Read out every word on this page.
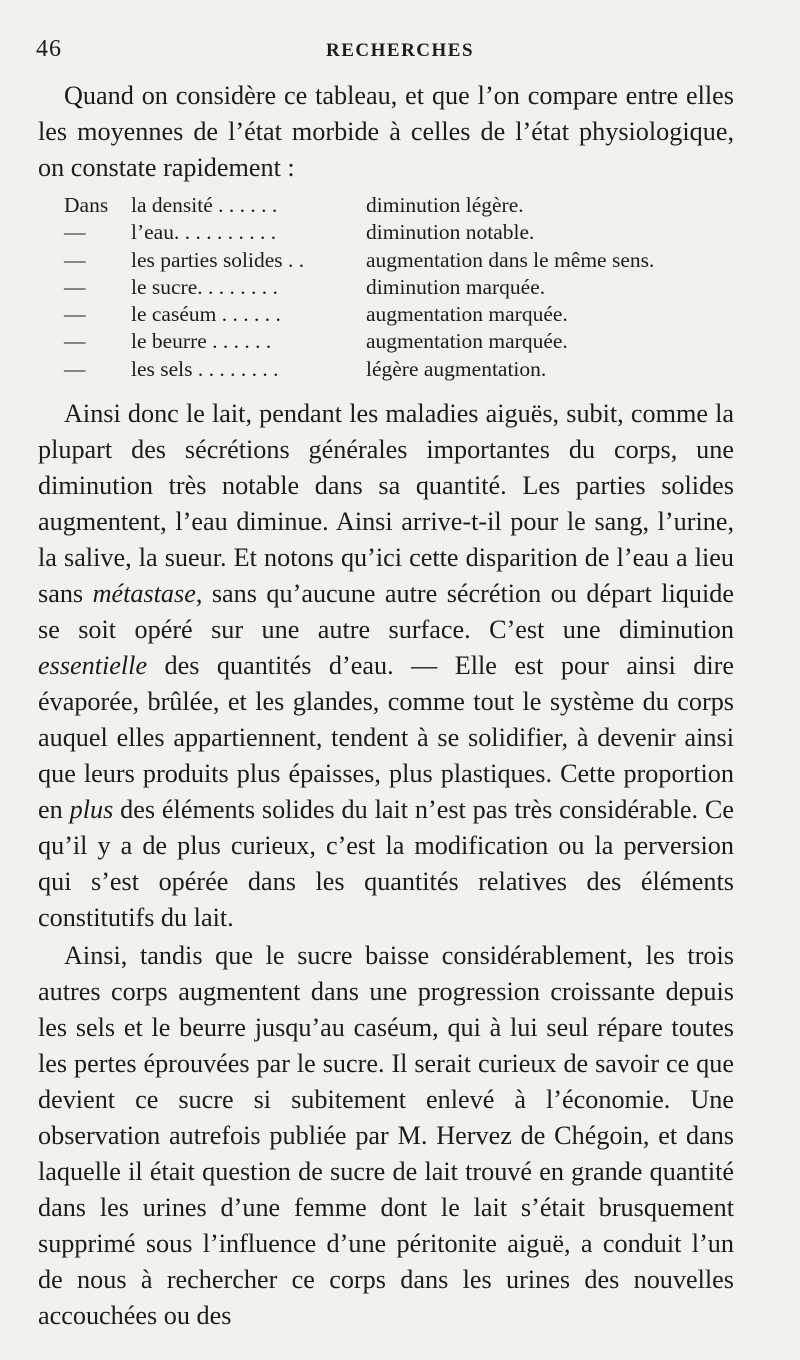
46	RECHERCHES

Quand on considère ce tableau, et que l’on compare entre elles les moyennes de l’état morbide à celles de l’état physiologique, on constate rapidement :

Dans la densité . . . . . .	diminution légère.
— l’eau. . . . . . . . . .	diminution notable.
— les parties solides . .	augmentation dans le même sens.
— le sucre. . . . . . . .	diminution marquée.
— le caséum . . . . . .	augmentation marquée.
— le beurre . . . . . .	augmentation marquée.
— les sels . . . . . . . .	légère augmentation.

Ainsi donc le lait, pendant les maladies aiguës, subit, comme la plupart des sécrétions générales importantes du corps, une diminution très notable dans sa quantité. Les parties solides augmentent, l’eau diminue. Ainsi arrive-t-il pour le sang, l’urine, la salive, la sueur. Et notons qu’ici cette disparition de l’eau a lieu sans métastase, sans qu’aucune autre sécrétion ou départ liquide se soit opéré sur une autre surface. C’est une diminution essentielle des quantités d’eau. — Elle est pour ainsi dire évaporée, brûlée, et les glandes, comme tout le système du corps auquel elles appartiennent, tendent à se solidifier, à devenir ainsi que leurs produits plus épaisses, plus plastiques. Cette proportion en plus des éléments solides du lait n’est pas très considérable. Ce qu’il y a de plus curieux, c’est la modification ou la perversion qui s’est opérée dans les quantités relatives des éléments constitutifs du lait.

Ainsi, tandis que le sucre baisse considérablement, les trois autres corps augmentent dans une progression croissante depuis les sels et le beurre jusqu’au caséum, qui à lui seul répare toutes les pertes éprouvées par le sucre. Il serait curieux de savoir ce que devient ce sucre si subitement enlevé à l’économie. Une observation autrefois publiée par M. Hervez de Chégoin, et dans laquelle il était question de sucre de lait trouvé en grande quantité dans les urines d’une femme dont le lait s’était brusquement supprimé sous l’influence d’une péritonite aiguë, a conduit l’un de nous à rechercher ce corps dans les urines des nouvelles accouchées ou des
